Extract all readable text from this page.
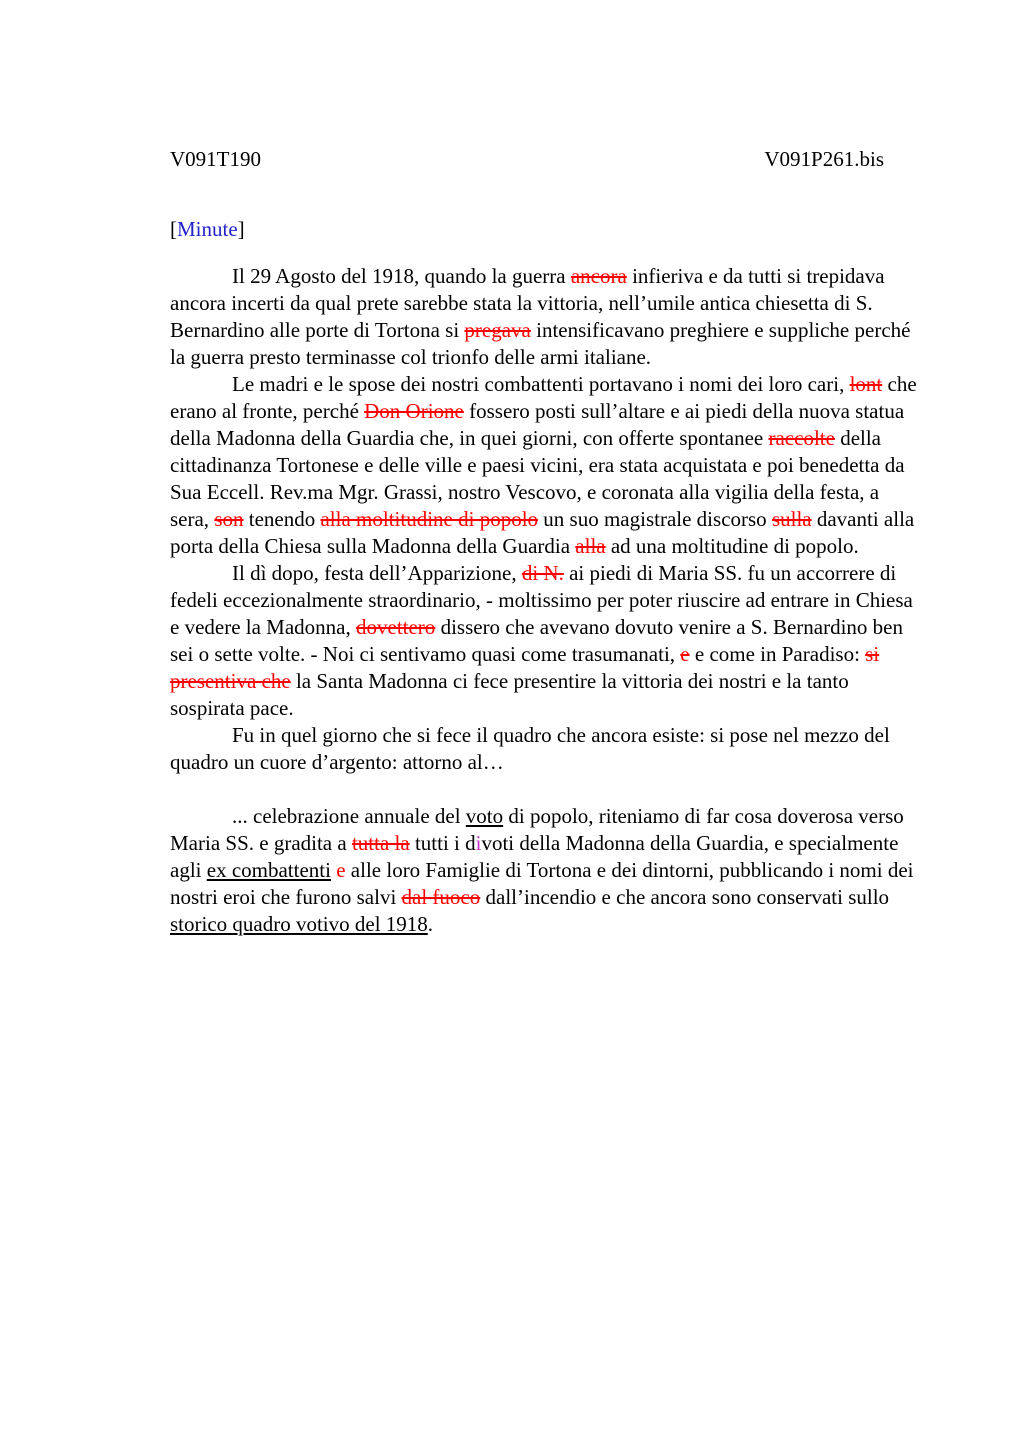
V091T190	V091P261.bis
[Minute]

Il 29 Agosto del 1918, quando la guerra ancora infieriva e da tutti si trepidava ancora incerti da qual prete sarebbe stata la vittoria, nell’umile antica chiesetta di S. Bernardino alle porte di Tortona si pregava intensificavano preghiere e suppliche perché la guerra presto terminasse col trionfo delle armi italiane.

Le madri e le spose dei nostri combattenti portavano i nomi dei loro cari, lont che erano al fronte, perché Don Orione fossero posti sull’altare e ai piedi della nuova statua della Madonna della Guardia che, in quei giorni, con offerte spontanee raccolte della cittadinanza Tortonese e delle ville e paesi vicini, era stata acquistata e poi benedetta da Sua Eccell. Rev.ma Mgr. Grassi, nostro Vescovo, e coronata alla vigilia della festa, a sera, son tenendo alla moltitudine di popolo un suo magistrale discorso sulla davanti alla porta della Chiesa sulla Madonna della Guardia alla ad una moltitudine di popolo.

Il dì dopo, festa dell’Apparizione, di N. ai piedi di Maria SS. fu un accorrere di fedeli eccezionalmente straordinario, - moltissimo per poter riuscire ad entrare in Chiesa e vedere la Madonna, dovettero dissero che avevano dovuto venire a S. Bernardino ben sei o sette volte. - Noi ci sentivamo quasi come trasumanati, e e come in Paradiso: si presentiva che la Santa Madonna ci fece presentire la vittoria dei nostri e la tanto sospirata pace.

Fu in quel giorno che si fece il quadro che ancora esiste: si pose nel mezzo del quadro un cuore d’argento: attorno al…

... celebrazione annuale del voto di popolo, riteniamo di far cosa doverosa verso Maria SS. e gradita a tutta la tutti i divoti della Madonna della Guardia, e specialmente agli ex combattenti e alle loro Famiglie di Tortona e dei dintorni, pubblicando i nomi dei nostri eroi che furono salvi dal fuoco dall’incendio e che ancora sono conservati sullo storico quadro votivo del 1918.
